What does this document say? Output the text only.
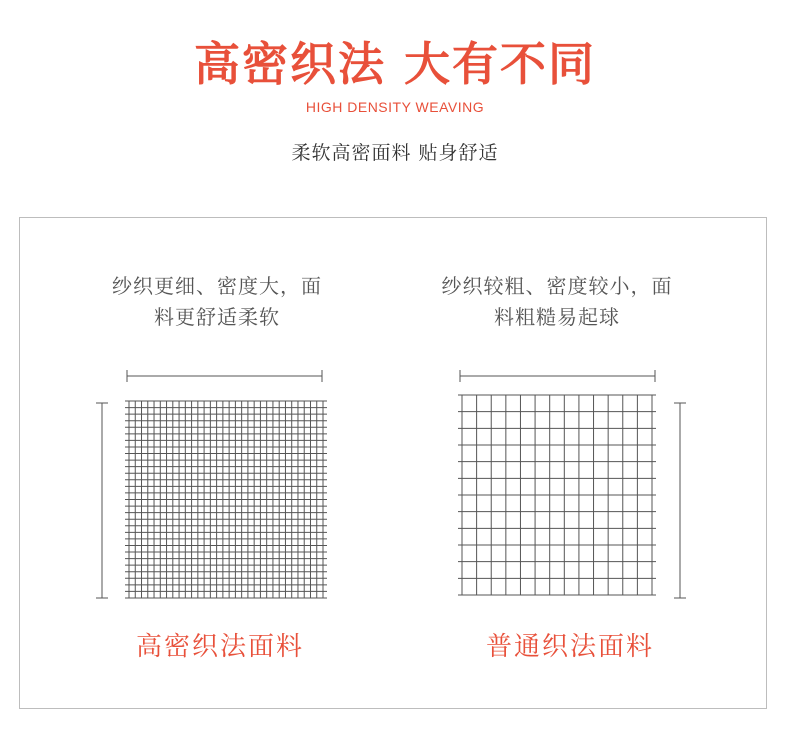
高密织法 大有不同
HIGH DENSITY WEAVING
柔软高密面料 贴身舒适
纱织更细、密度大，面
料更舒适柔软
纱织较粗、密度较小，面
料粗糙易起球
高密织法面料	普通织法面料
